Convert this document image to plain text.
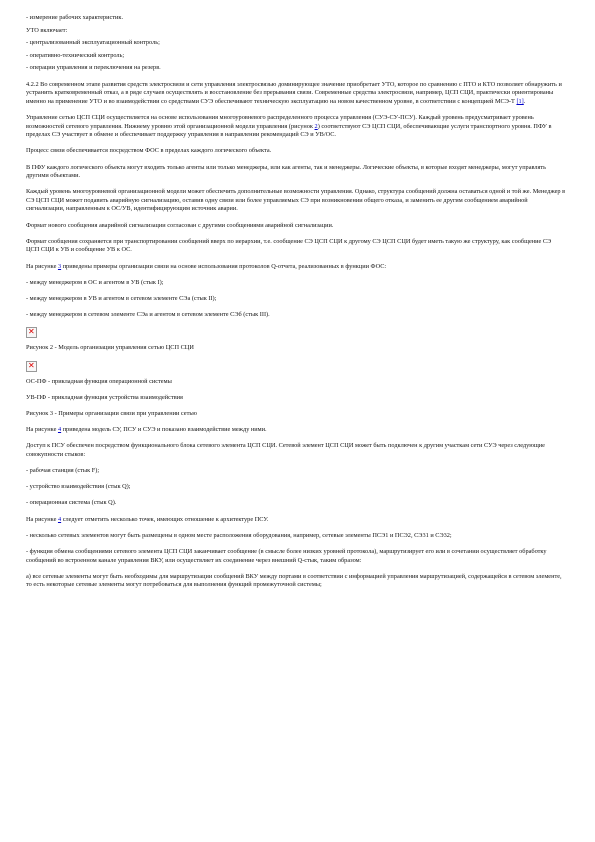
- измерение рабочих характеристик.

УТО включает:

- централизованный эксплуатационный контроль;

- оперативно-технический контроль;

- операции управления и переключения на резерв.

4.2.2 Во современном этапе развития средств электросвязи и сети управления электросвязью доминирующее значение приобретает УТО, которое по сравнению с ПТО и КТО позволяет обнаружить и устранить кратковременный отказ, а в ряде случаев осуществлять и восстановление без прерывания связи. Современные средства электросвязи, например, ЦСП СЦИ, практически ориентированы именно на применение УТО и во взаимодействии со средствами СУЭ обеспечивают техническую эксплуатацию на новом качественном уровне, в соответствии с концепцией МСЭ-Т [1].

Управление сетью ЦСП СЦИ осуществляется на основе использования многоуровневого распределенного процесса управления (СУЭ-СУ-ПСУ). Каждый уровень предусматривает уровень возможностей сетевого управления. Нижнему уровню этой организационной модели управления (рисунок 2) соответствуют СЭ ЦСП СЦИ, обеспечивающие услуги транспортного уровня. ПФУ в пределах СЭ участвует в обмене и обеспечивает поддержку управления в направлении рекомендаций СЭ и УВ/ОС.

Процесс связи обеспечивается посредством ФОС в пределах каждого логического объекта.

В ПФУ каждого логического объекта могут входить только агенты или только менеджеры, или как агенты, так и менеджеры. Логические объекты, в которые входят менеджеры, могут управлять другими объектами.

Каждый уровень многоуровневой организационной модели может обеспечить дополнительные возможности управления. Однако, структура сообщений должна оставаться одной и той же. Менеджер в СЭ ЦСП СЦИ может подавить аварийную сигнализацию, оставив одну связи или более управляемых СЭ при возникновении общего отказа, и заменить ее другим сообщением аварийной сигнализации, направленным к ОС/УВ, идентифицирующим источник аварии.

Формат нового сообщения аварийной сигнализации согласован с другими сообщениями аварийной сигнализации.

Формат сообщения сохраняется при транспортировании сообщений вверх по иерархии, т.е. сообщение СЭ ЦСП СЦИ к другому СЭ ЦСП СЦИ будет иметь такую же структуру, как сообщение СЭ ЦСП СЦИ к УВ и сообщение УВ к ОС.

На рисунке 3 приведены примеры организации связи на основе использования протоколов Q-отчета, реализованных в функции ФОС:

- между менеджером в ОС и агентом в УВ (стык I);

- между менеджером в УВ и агентом в сетевом элементе СЭа (стык II);

- между менеджером в сетевом элементе СЭа и агентом в сетевом элементе СЭб (стык III).

✕

Рисунок 2 - Модель организации управления сетью ЦСП СЦИ

✕

ОС-ПФ - прикладная функция операционной системы

УВ-ПФ - прикладная функция устройства взаимодействия

Рисунок 3 - Примеры организации связи при управлении сетью

На рисунке 4 приведена модель СУ, ПСУ и СУЭ и показано взаимодействие между ними.

Доступ к ПСУ обеспечен посредством функционального блока сетевого элемента ЦСП СЦИ. Сетевой элемент ЦСП СЦИ может быть подключен к другим участкам сети СУЭ через следующие совокупности стыков:

- рабочая станция (стык F);

- устройство взаимодействия (стык Q);

- операционная система (стык Q).

На рисунке 4 следует отметить несколько точек, имеющих отношение к архитектуре ПСУ.

- несколько сетевых элементов могут быть размещены в одном месте расположения оборудования, например, сетевые элементы ПСЭ1 и ПСЭ2, СЭ31 и СЭ32;

- функция обмена сообщениями сетевого элемента ЦСП СЦИ заканчивает сообщение (в смысле более низких уровней протокола), маршрутизирует его или в сочетании осуществляет обработку сообщений во встроенном канале управления ВКУ, или осуществляет их соединение через внешний Q-стык, таким образом:

а) все сетевые элементы могут быть необходимы для маршрутизации сообщений ВКУ между портами в соответствии с информацией управления маршрутизацией, содержащейся в сетевом элементе, то есть некоторые сетевые элементы могут потребоваться для выполнения функций промежуточной системы;
